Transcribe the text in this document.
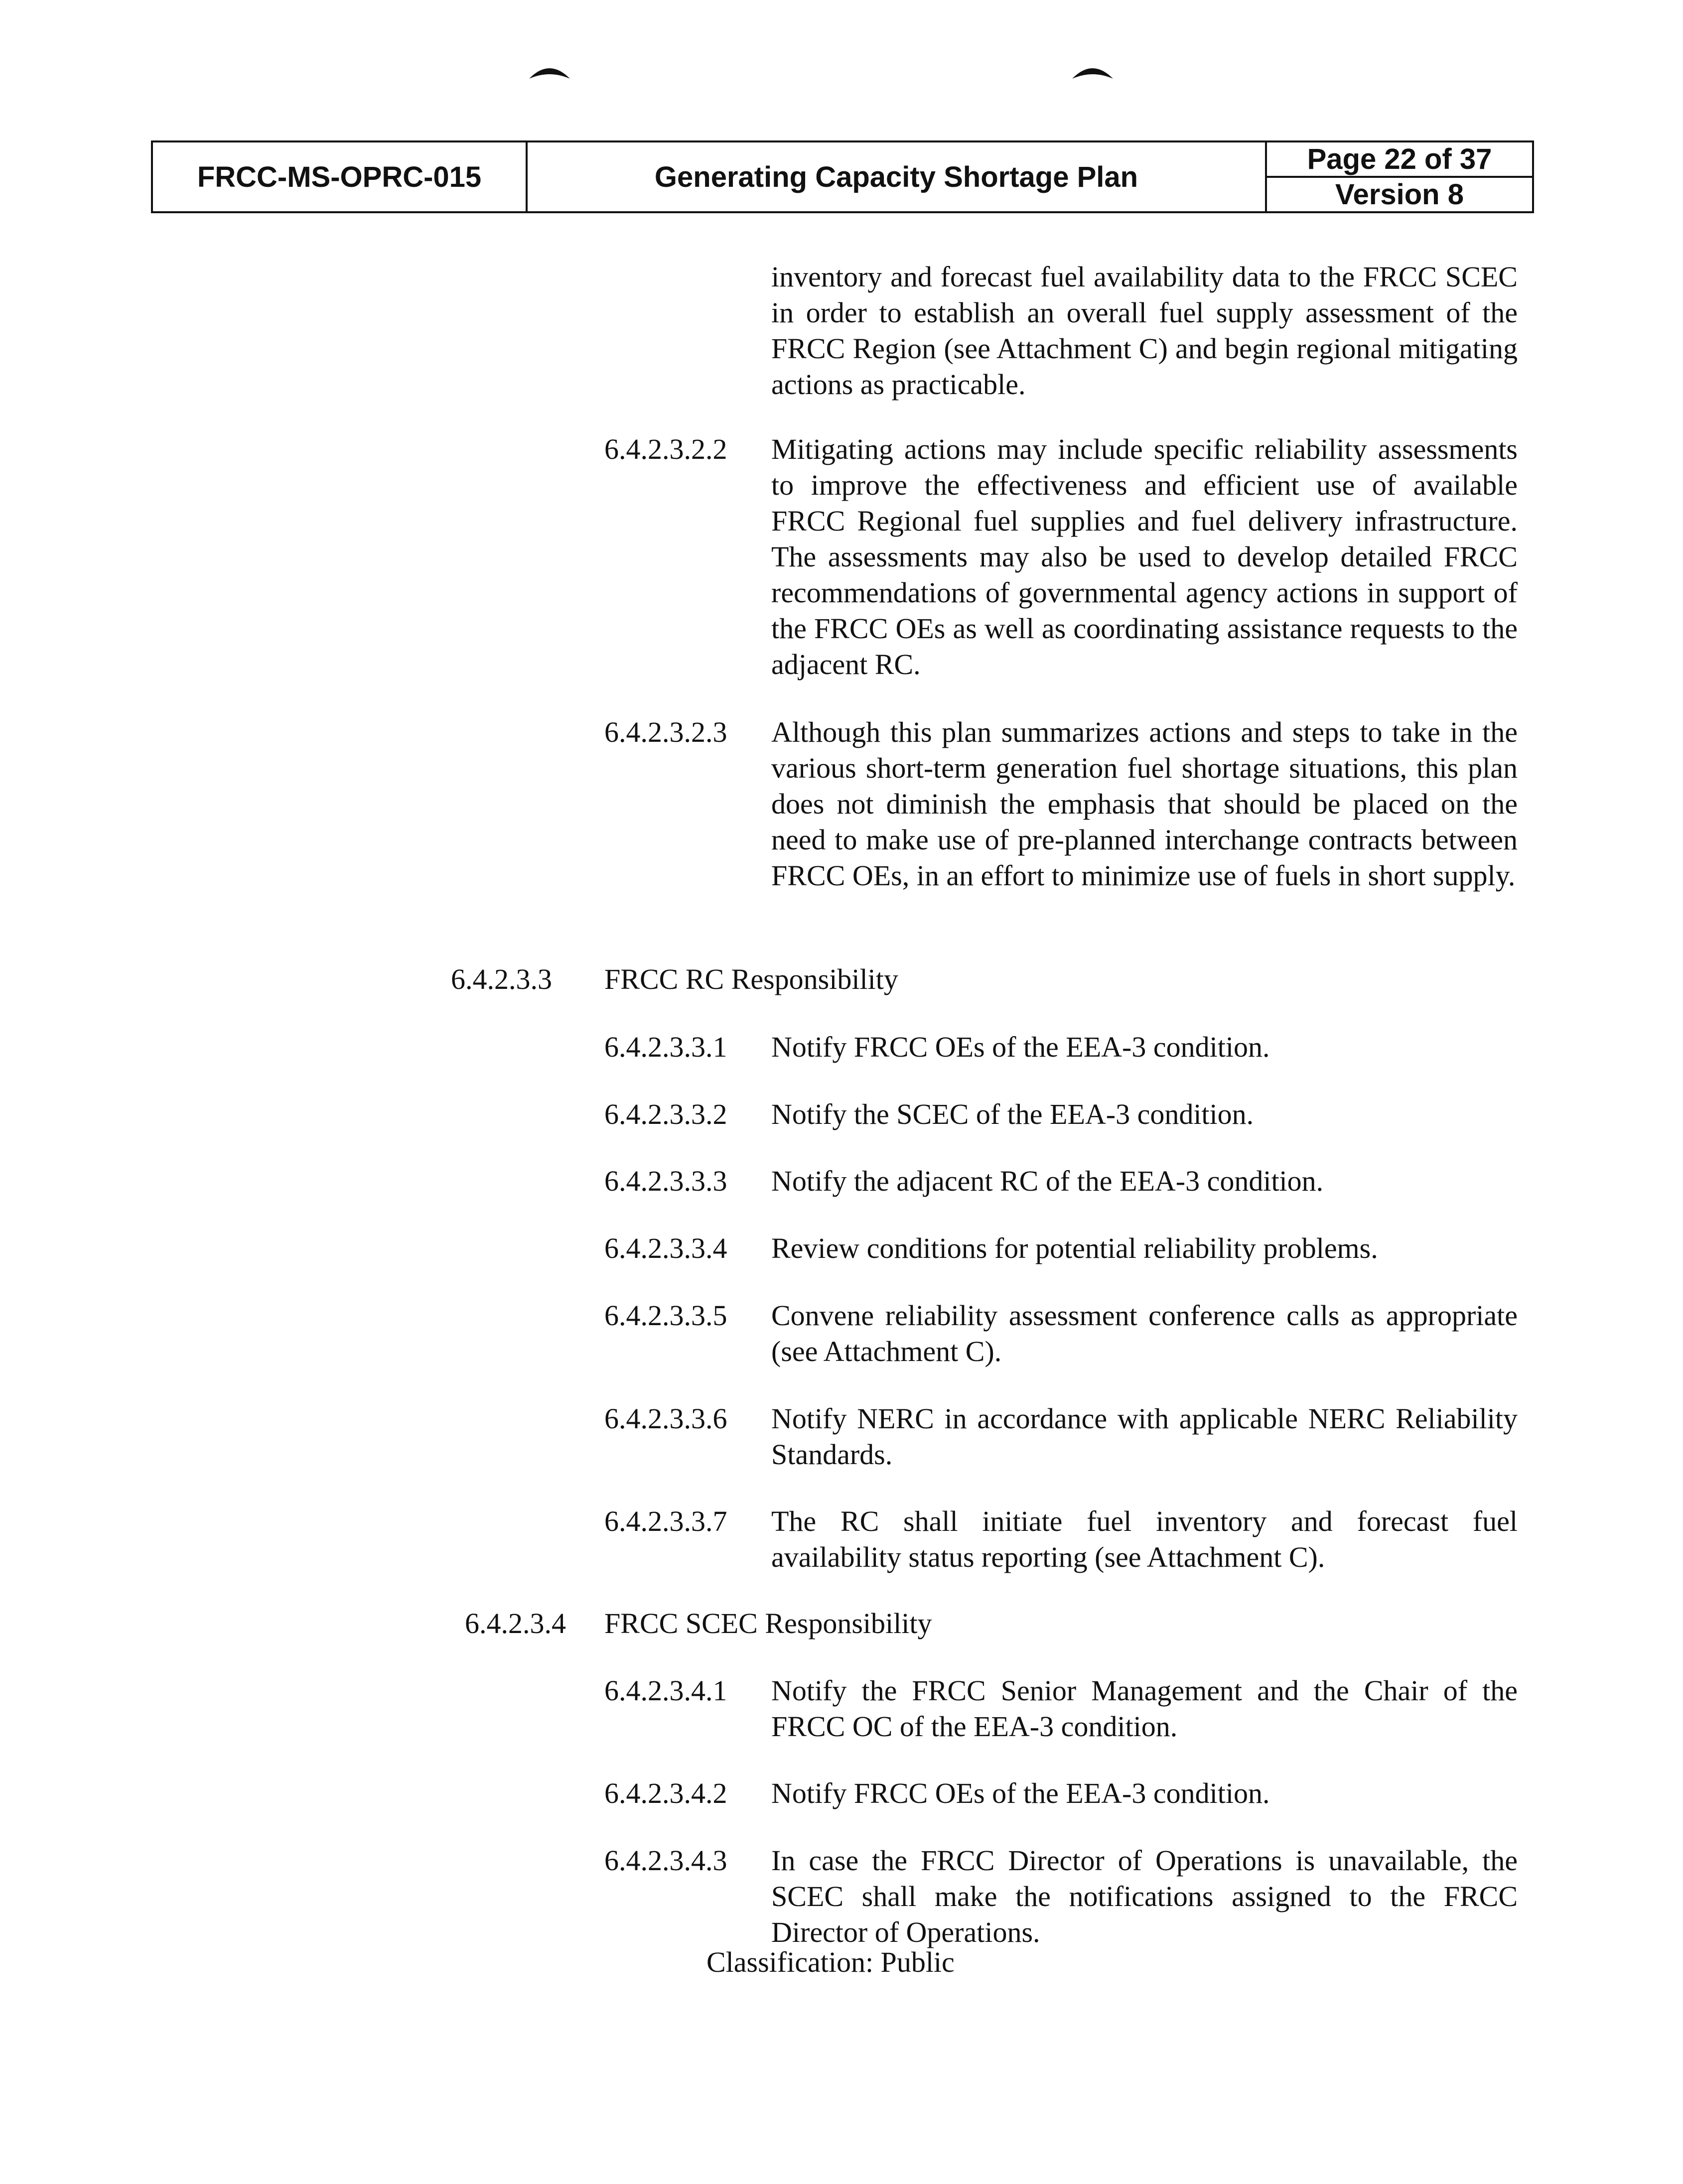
FRCC-MS-OPRC-015	Generating Capacity Shortage Plan
Page 22 of 37
Version 8
inventory and forecast fuel availability data to the FRCC SCEC in order to establish an overall fuel supply assessment of the FRCC Region (see Attachment C) and begin regional mitigating actions as practicable.
6.4.2.3.2.2 Mitigating actions may include specific reliability assessments to improve the effectiveness and efficient use of available FRCC Regional fuel supplies and fuel delivery infrastructure. The assessments may also be used to develop detailed FRCC recommendations of governmental agency actions in support of the FRCC OEs as well as coordinating assistance requests to the adjacent RC.
6.4.2.3.2.3 Although this plan summarizes actions and steps to take in the various short-term generation fuel shortage situations, this plan does not diminish the emphasis that should be placed on the need to make use of pre-planned interchange contracts between FRCC OEs, in an effort to minimize use of fuels in short supply.
6.4.2.3.3 FRCC RC Responsibility
6.4.2.3.3.1 Notify FRCC OEs of the EEA-3 condition.
6.4.2.3.3.2 Notify the SCEC of the EEA-3 condition.
6.4.2.3.3.3 Notify the adjacent RC of the EEA-3 condition.
6.4.2.3.3.4 Review conditions for potential reliability problems.
6.4.2.3.3.5 Convene reliability assessment conference calls as appropriate (see Attachment C).
6.4.2.3.3.6 Notify NERC in accordance with applicable NERC Reliability Standards.
6.4.2.3.3.7 The RC shall initiate fuel inventory and forecast fuel availability status reporting (see Attachment C).
6.4.2.3.4 FRCC SCEC Responsibility
6.4.2.3.4.1 Notify the FRCC Senior Management and the Chair of the FRCC OC of the EEA-3 condition.
6.4.2.3.4.2 Notify FRCC OEs of the EEA-3 condition.
6.4.2.3.4.3 In case the FRCC Director of Operations is unavailable, the SCEC shall make the notifications assigned to the FRCC Director of Operations.
Classification: Public
